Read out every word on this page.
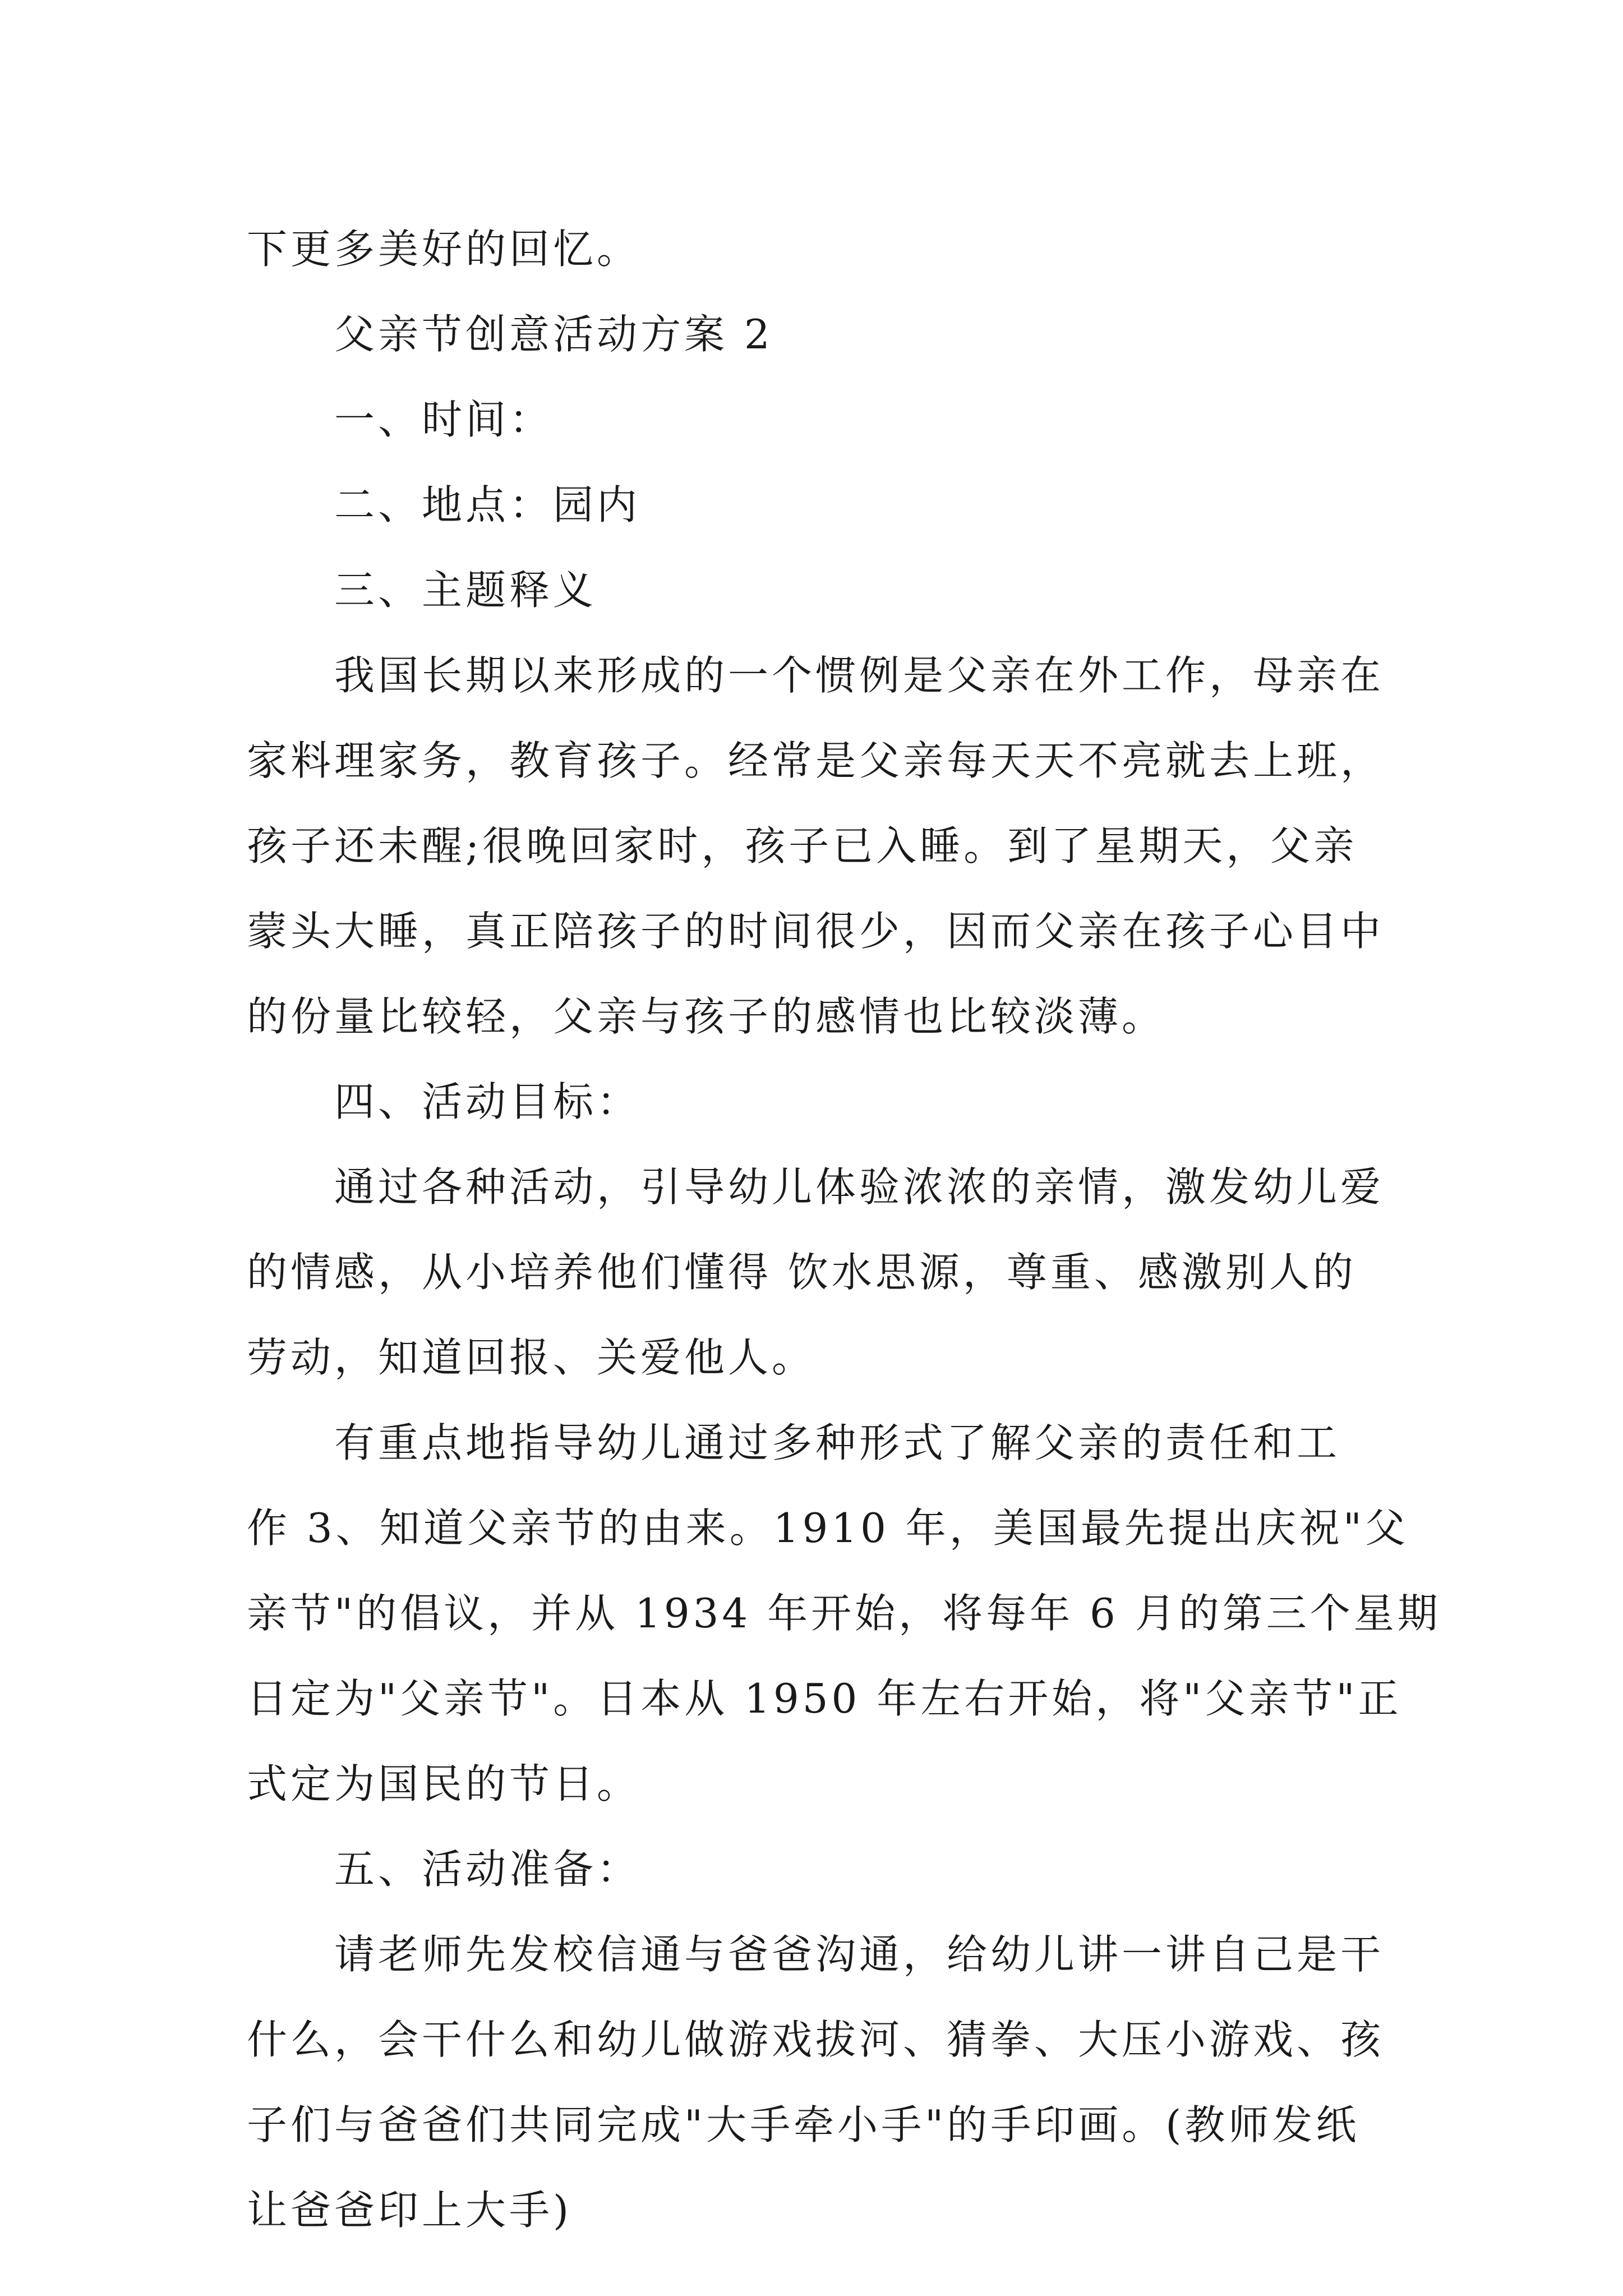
下更多美好的回忆。
父亲节创意活动方案 2
一、时间：
二、地点：园内
三、主题释义
我国长期以来形成的一个惯例是父亲在外工作，母亲在
家料理家务，教育孩子。经常是父亲每天天不亮就去上班，
孩子还未醒;很晚回家时，孩子已入睡。到了星期天，父亲
蒙头大睡，真正陪孩子的时间很少，因而父亲在孩子心目中
的份量比较轻，父亲与孩子的感情也比较淡薄。
四、活动目标：
通过各种活动，引导幼儿体验浓浓的亲情，激发幼儿爱
的情感，从小培养他们懂得 饮水思源，尊重、感激别人的
劳动，知道回报、关爱他人。
有重点地指导幼儿通过多种形式了解父亲的责任和工
作 3、知道父亲节的由来。1910 年，美国最先提出庆祝"父
亲节"的倡议，并从 1934 年开始，将每年 6 月的第三个星期
日定为"父亲节"。日本从 1950 年左右开始，将"父亲节"正
式定为国民的节日。
五、活动准备：
请老师先发校信通与爸爸沟通，给幼儿讲一讲自己是干
什么，会干什么和幼儿做游戏拔河、猜拳、大压小游戏、孩
子们与爸爸们共同完成"大手牵小手"的手印画。(教师发纸
让爸爸印上大手)
